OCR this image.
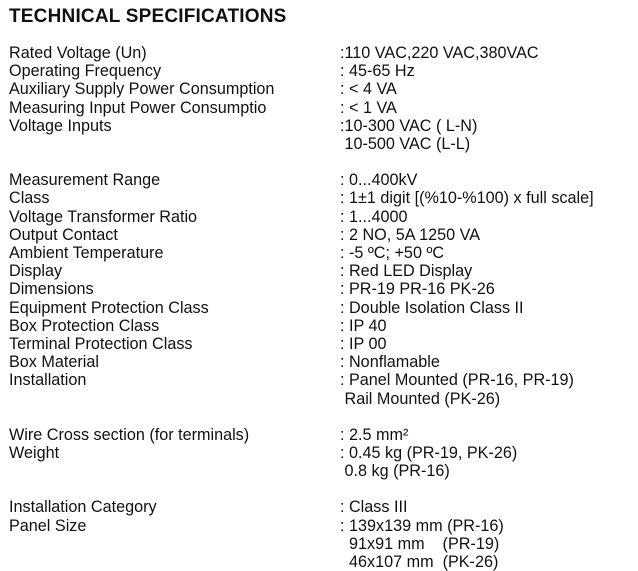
TECHNICAL SPECIFICATIONS
Rated Voltage (Un)	:110 VAC,220 VAC,380VAC
Operating Frequency	: 45-65 Hz
Auxiliary Supply Power Consumption	: < 4 VA
Measuring Input Power Consumptio	: < 1 VA
Voltage Inputs	:10-300 VAC ( L-N)
10-500 VAC (L-L)
Measurement Range	: 0...400kV
Class	: 1±1 digit [(%10-%100) x full scale]
Voltage Transformer Ratio	: 1...4000
Output Contact	: 2 NO, 5A 1250 VA
Ambient Temperature	: -5 ºC; +50 ºC
Display	: Red LED Display
Dimensions	: PR-19 PR-16 PK-26
Equipment Protection Class	: Double Isolation Class II
Box Protection Class	: IP 40
Terminal Protection Class	: IP 00
Box Material	: Nonflamable
Installation	: Panel Mounted (PR-16, PR-19)
Rail Mounted (PK-26)
Wire Cross section (for terminals)	: 2.5 mm²
Weight	: 0.45 kg (PR-19, PK-26)
0.8 kg (PR-16)
Installation Category	: Class III
Panel Size	: 139x139 mm (PR-16)
91x91 mm    (PR-19)
46x107 mm  (PK-26)
